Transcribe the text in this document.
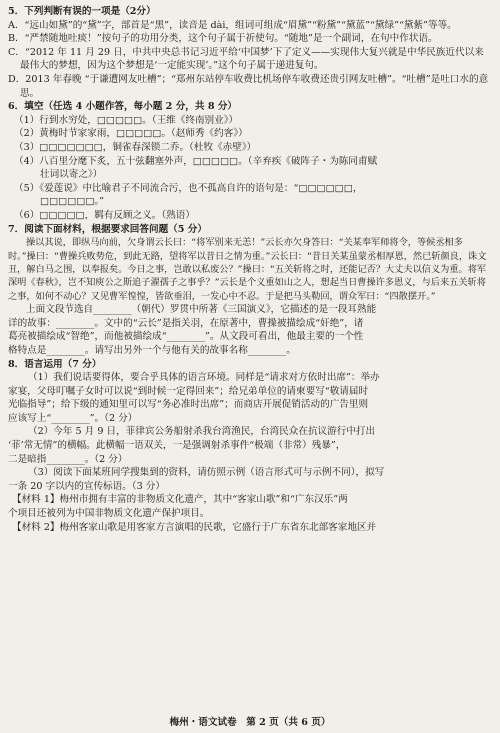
5．下列判断有误的一项是（2分）

A．“远山如黛”的“黛”字，部首是“黑”，读音是 dài，组词可组成“眉黛”“粉黛”“黛蓝”“黛绿”“黛紫”等等。

B．“严禁随地吐痰！”按句子的功用分类，这个句子属于祈使句。“随地”是一个副词，在句中作状语。

C．“2012 年 11 月 29 日，中共中央总书记习近平给‘中国梦’下了定义——实现伟大复兴就是中华民族近代以来最伟大的梦想，因为这个梦想是‘一定能实现’。”这个句子属于递进复句。

D．2013 年春晚 “于谦遭网友吐槽”；“郑州东站停车收费比机场停车收费还贵引网友吐槽”。“吐槽”是吐口水的意思。

6．填空（任选 4 小题作答，每小题 2 分，共 8 分）

（1）行到水穷处，□□□□□。（王维《终南别业》）

（2）黄梅时节家家雨，□□□□□。（赵师秀《约客》）

（3）□□□□□□□，铜雀春深锁二乔。（杜牧《赤壁》）

（4）八百里分麾下炙，五十弦翻塞外声，□□□□□。（辛弃疾《破阵子・为陈同甫赋

壮词以寄之》）

（5）《爱莲说》中比喻君子不同流合污，也不孤高自许的语句是：“□□□□□□，

□□□□□□。”

（6）□□□□□，羁有反顾之义。（熟语）

7．阅读下面材料，根据要求回答问题（5 分）

操以其说，即纵马向前，欠身谓云长曰：“将军别来无恙！”云长亦欠身答曰：“关某奉军师将令，等候丞相多时。”操曰：“曹操兵败势危，到此无路，望将军以昔日之情为重。”云长曰：“昔日关某虽蒙丞相厚恩，然已斩颜良，诛文丑，解白马之围，以奉报矣。今日之事，岂敢以私废公？”操曰：“五关斩将之时，还能记否？大丈夫以信义为重。将军深明《春秋》，岂不知庾公之斯追子濯孺子之事乎？”云长是个义重如山之人，想起当日曹操许多恩义，与后来五关斩将之事，如何不动心？又见曹军惶惶，皆欲垂泪，一发心中不忍。于是把马头勒回，谓众军曰：“四散摆开。”

上面文段节选自________（朝代）罗贯中所著《三国演义》，它描述的是一段耳熟能

详的故事：________。文中的“云长”是指关羽，在原著中，曹操被描绘成“奸绝”，诸

葛亮被描绘成“智绝”，而他被描绘成“________”。从文段可看出，他最主要的一个性

格特点是________。请写出另外一个与他有关的故事名称________。

8．语言运用（7 分）

（1）我们说话要得体，要合乎具体的语言环境。同样是“请求对方依时出席”：举办

家宴，父母叮嘱子女时可以说“到时候一定得回来”；给兄弟单位的请柬要写“敬请届时

光临指导”；给下级的通知里可以写“务必准时出席”；而商店开展促销活动的广告里则

应该写上“________”。（2 分）

（2）今年 5 月 9 日，菲律宾公务船射杀我台湾渔民，台湾民众在抗议游行中打出

‘菲’常无情”的横幅。此横幅一语双关，一是强调射杀事件“极端（非常）残暴”，

二是暗指________。（2 分）

（3）阅读下面某班同学搜集到的资料，请仿照示例（语言形式可与示例不同），拟写

一条 20 字以内的宣传标语。（3 分）

【材料 1】梅州市拥有丰富的非物质文化遗产，其中“客家山歌”和“广东汉乐”两

个项目还被列为中国非物质文化遗产保护项目。

【材料 2】梅州客家山歌是用客家方言演唱的民歌，它盛行于广东省东北部客家地区并

梅州・语文试卷　第 2 页（共 6 页）
